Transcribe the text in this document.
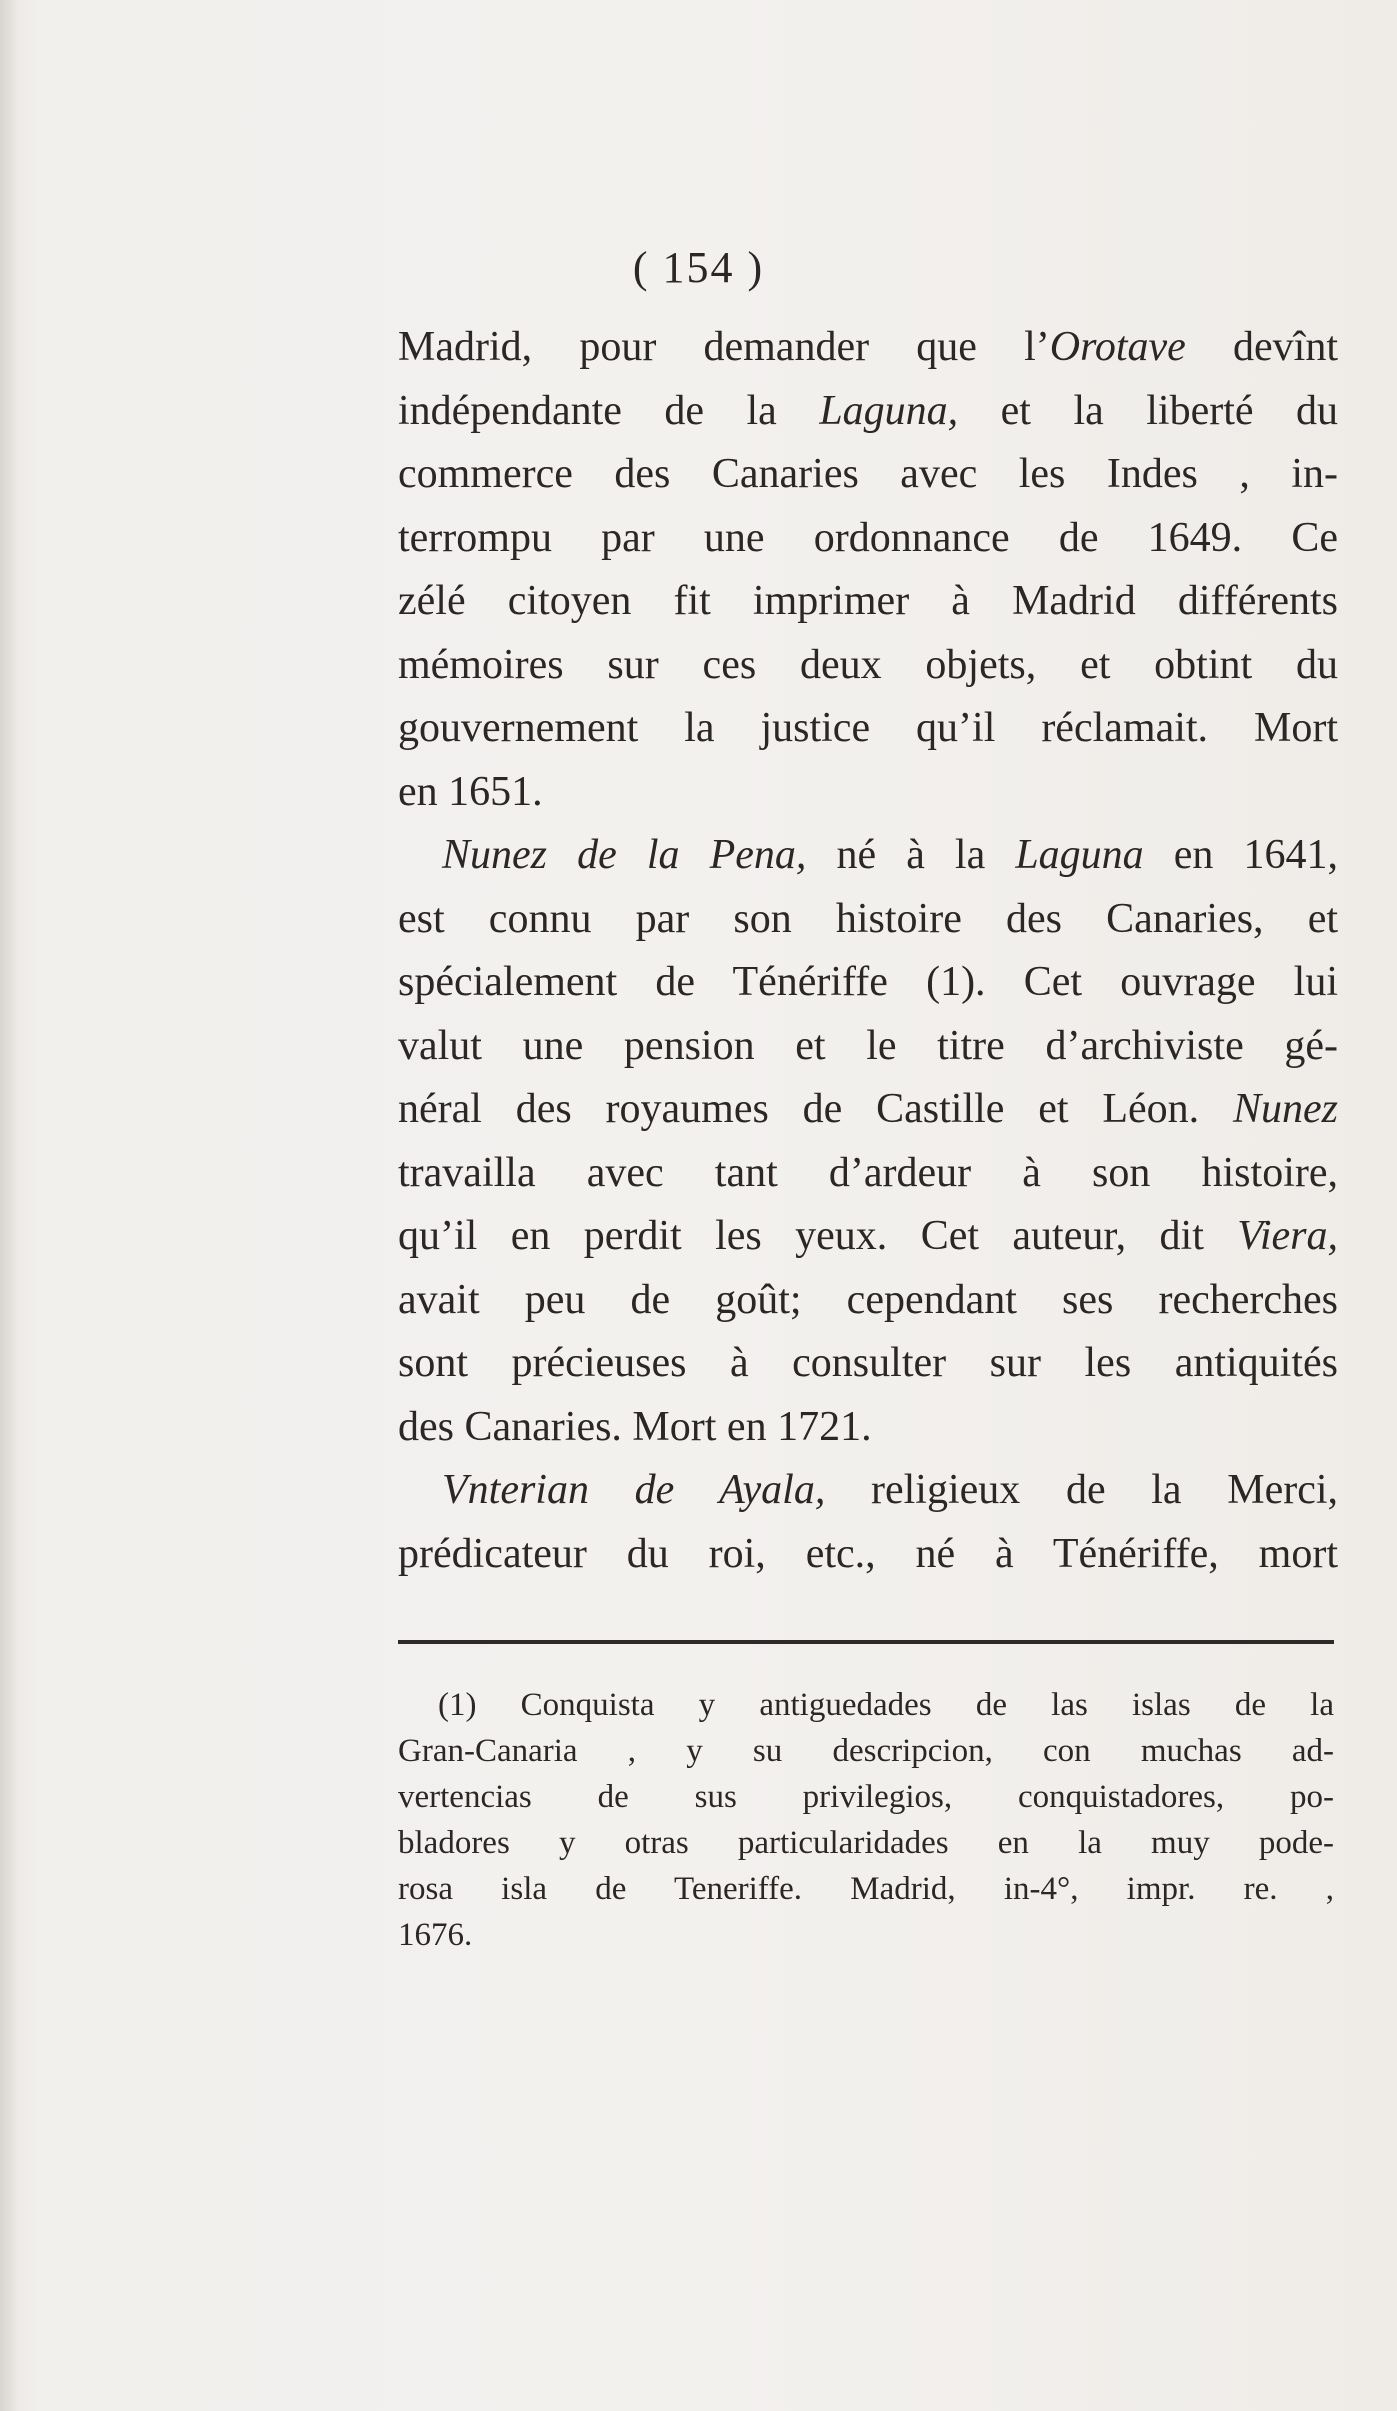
( 154 )
Madrid, pour demander que l’Orotave devînt
indépendante de la Laguna, et la liberté du
commerce des Canaries avec les Indes , in-
terrompu par une ordonnance de 1649. Ce
zélé citoyen fit imprimer à Madrid différents
mémoires sur ces deux objets, et obtint du
gouvernement la justice qu’il réclamait. Mort
en 1651.
Nunez de la Pena, né à la Laguna en 1641,
est connu par son histoire des Canaries, et
spécialement de Ténériffe (1). Cet ouvrage lui
valut une pension et le titre d’archiviste gé-
néral des royaumes de Castille et Léon. Nunez
travailla avec tant d’ardeur à son histoire,
qu’il en perdit les yeux. Cet auteur, dit Viera,
avait peu de goût; cependant ses recherches
sont précieuses à consulter sur les antiquités
des Canaries. Mort en 1721.
Vnterian de Ayala, religieux de la Merci,
prédicateur du roi, etc., né à Ténériffe, mort
(1) Conquista y antiguedades de las islas de la
Gran-Canaria , y su descripcion, con muchas ad-
vertencias de sus privilegios, conquistadores, po-
bladores y otras particularidades en la muy pode-
rosa isla de Teneriffe. Madrid, in-4°, impr. re. ,
1676.
